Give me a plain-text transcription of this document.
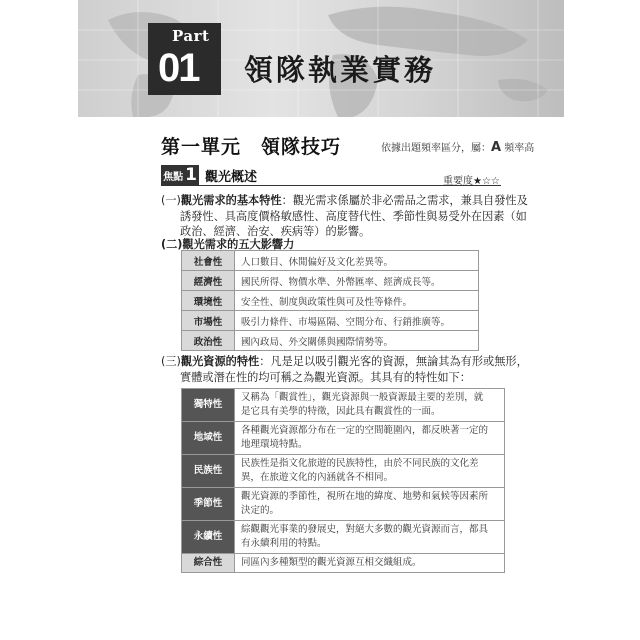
Part
01 領隊執業實務
第一單元　領隊技巧	依據出題頻率區分，屬：A 頻率高
焦點 1 觀光概述	重要度★☆☆
(一)觀光需求的基本特性：觀光需求係屬於非必需品之需求，兼具自發性及
誘發性、具高度價格敏感性、高度替代性、季節性與易受外在因素（如
政治、經濟、治安、疾病等）的影響。
(二)觀光需求的五大影響力
社會性	人口數目、休閒偏好及文化差異等。
經濟性	國民所得、物價水準、外幣匯率、經濟成長等。
環境性	安全性、制度與政策性與可及性等條件。
市場性	吸引力條件、市場區隔、空間分布、行銷推廣等。
政治性	國內政局、外交關係與國際情勢等。
(三)觀光資源的特性：凡是足以吸引觀光客的資源，無論其為有形或無形，
實體或潛在性的均可稱之為觀光資源。其具有的特性如下：
獨特性	又稱為「觀賞性」，觀光資源與一般資源最主要的差別，就
是它具有美學的特徵，因此具有觀賞性的一面。
地域性	各種觀光資源都分布在一定的空間範圍內，都反映著一定的
地理環境特點。
民族性	民族性是指文化旅遊的民族特性，由於不同民族的文化差
異，在旅遊文化的內涵就各不相同。
季節性	觀光資源的季節性，視所在地的緯度、地勢和氣候等因素所
決定的。
永續性	綜觀觀光事業的發展史，對絕大多數的觀光資源而言，都具
有永續利用的特點。
綜合性	同區內多種類型的觀光資源互相交織組成。
